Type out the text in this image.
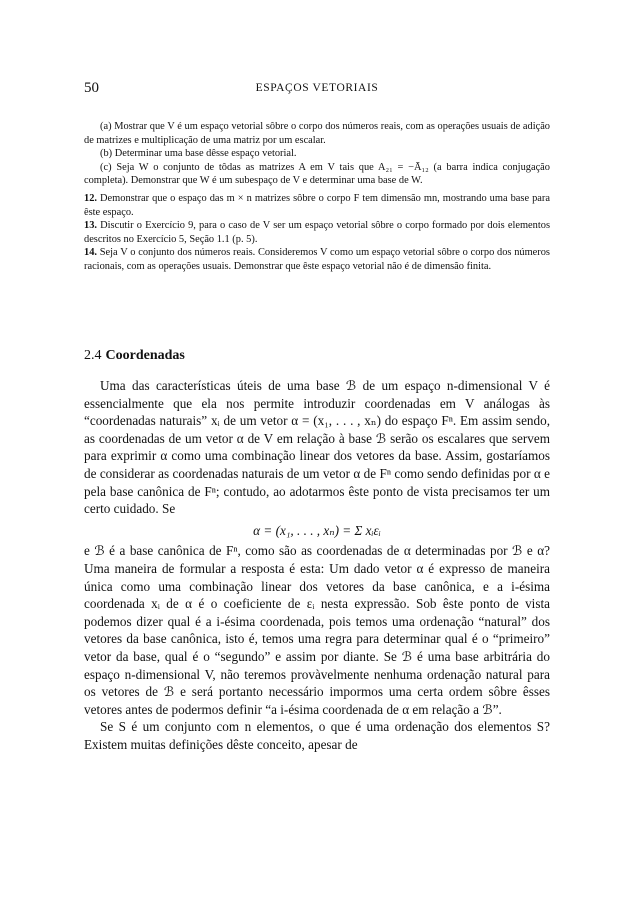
50	ESPAÇOS VETORIAIS

(a) Mostrar que V é um espaço vetorial sôbre o corpo dos números reais, com as operações usuais de adição de matrizes e multiplicação de uma matriz por um escalar.

(b) Determinar uma base dêsse espaço vetorial.

(c) Seja W o conjunto de tôdas as matrizes A em V tais que A₂₁ = −Ā₁₂ (a barra indica conjugação completa). Demonstrar que W é um subespaço de V e determinar uma base de W.

12. Demonstrar que o espaço das m × n matrizes sôbre o corpo F tem dimensão mn, mostrando uma base para êste espaço.

13. Discutir o Exercício 9, para o caso de V ser um espaço vetorial sôbre o corpo formado por dois elementos descritos no Exercício 5, Seção 1.1 (p. 5).

14. Seja V o conjunto dos números reais. Consideremos V como um espaço vetorial sôbre o corpo dos números racionais, com as operações usuais. Demonstrar que êste espaço vetorial não é de dimensão finita.

2.4 Coordenadas

Uma das características úteis de uma base ℬ de um espaço n-dimensional V é essencialmente que ela nos permite introduzir coordenadas em V análogas às “coordenadas naturais” xᵢ de um vetor α = (x₁, . . . , xₙ) do espaço Fⁿ. Em assim sendo, as coordenadas de um vetor α de V em relação à base ℬ serão os escalares que servem para exprimir α como uma combinação linear dos vetores da base. Assim, gostaríamos de considerar as coordenadas naturais de um vetor α de Fⁿ como sendo definidas por α e pela base canônica de Fⁿ; contudo, ao adotarmos êste ponto de vista precisamos ter um certo cuidado. Se

α = (x₁, . . . , xₙ) = Σ xᵢεᵢ

e ℬ é a base canônica de Fⁿ, como são as coordenadas de α determinadas por ℬ e α? Uma maneira de formular a resposta é esta: Um dado vetor α é expresso de maneira única como uma combinação linear dos vetores da base canônica, e a i-ésima coordenada xᵢ de α é o coeficiente de εᵢ nesta expressão. Sob êste ponto de vista podemos dizer qual é a i-ésima coordenada, pois temos uma ordenação “natural” dos vetores da base canônica, isto é, temos uma regra para determinar qual é o “primeiro” vetor da base, qual é o “segundo” e assim por diante. Se ℬ é uma base arbitrária do espaço n-dimensional V, não teremos provàvelmente nenhuma ordenação natural para os vetores de ℬ e será portanto necessário impormos uma certa ordem sôbre êsses vetores antes de podermos definir “a i-ésima coordenada de α em relação a ℬ”.

Se S é um conjunto com n elementos, o que é uma ordenação dos elementos S? Existem muitas definições dêste conceito, apesar de
